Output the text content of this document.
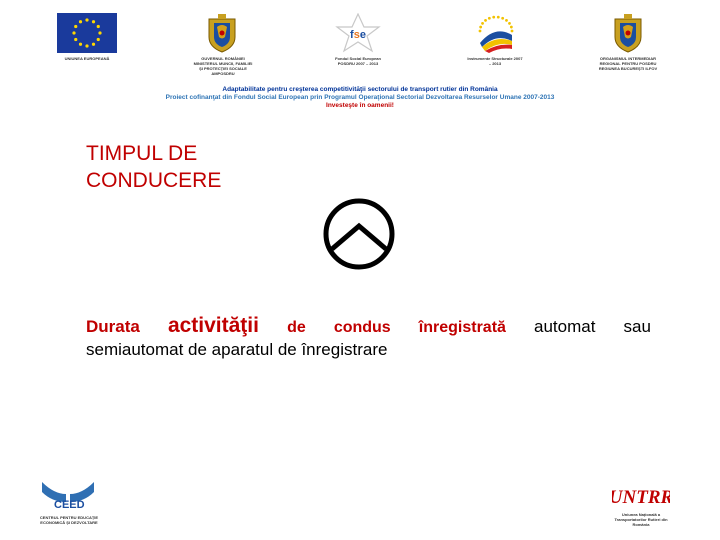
UNIUNEA EUROPEANĂ	GUVERNUL ROMÂNIEI MINISTERUL MUNCII, FAMILIEI ŞI PROTECŢIEI SOCIALE AMPOSDRU
fse
Fondul Social European POSDRU 2007 – 2013
Instrumente Structurale 2007 – 2013
ORGANISMUL INTERMEDIAR REGIONAL PENTRU POSDRU REGIUNEA BUCUREŞTI ILFOV
Adaptabilitate pentru creşterea competitivităţii sectorului de transport rutier din România
Proiect cofinanţat din Fondul Social European prin Programul Operaţional Sectorial Dezvoltarea Resurselor Umane 2007-2013
Investeşte în oamenii!
TIMPUL DE
CONDUCERE
Durata activităţii de condus înregistrată automat sau
semiautomat de aparatul de înregistrare
CEED
CENTRUL PENTRU EDUCAŢIE ECONOMICĂ ŞI DEZVOLTARE
UNTRR
Uniunea Naţională a Transportatorilor Rutieri din România
